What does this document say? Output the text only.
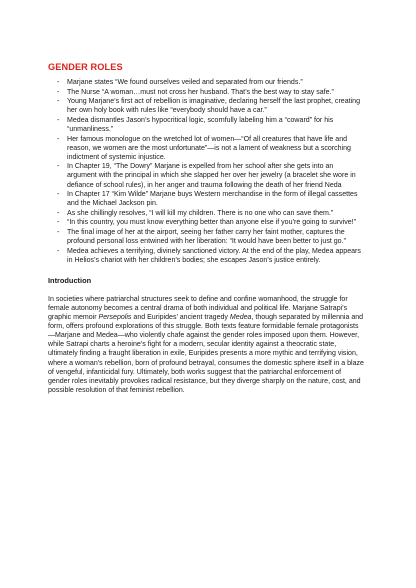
GENDER ROLES
- Marjane states “We found ourselves veiled and separated from our friends.”
- The Nurse “A woman…must not cross her husband. That’s the best way to stay safe.”
- Young Marjane’s first act of rebellion is imaginative, declaring herself the last prophet, creating her own holy book with rules like “everybody should have a car.”
- Medea dismantles Jason’s hypocritical logic, scornfully labeling him a “coward” for his “unmanliness.”
- Her famous monologue on the wretched lot of women—“Of all creatures that have life and reason, we women are the most unfortunate”—is not a lament of weakness but a scorching indictment of systemic injustice.
- In Chapter 19, “The Dowry” Marjane is expelled from her school after she gets into an argument with the principal in which she slapped her over her jewelry (a bracelet she wore in defiance of school rules), in her anger and trauma following the death of her friend Neda
- In Chapter 17 “Kim Wilde” Marjane buys Western merchandise in the form of illegal cassettes and the Michael Jackson pin.
- As she chillingly resolves, “I will kill my children. There is no one who can save them.”
- “In this country, you must know everything better than anyone else if you’re going to survive!”
- The final image of her at the airport, seeing her father carry her faint mother, captures the profound personal loss entwined with her liberation: “It would have been better to just go.”
- Medea achieves a terrifying, divinely sanctioned victory. At the end of the play, Medea appears in Helios’s chariot with her children’s bodies; she escapes Jason’s justice entirely.
Introduction

In societies where patriarchal structures seek to define and confine womanhood, the struggle for female autonomy becomes a central drama of both individual and political life. Marjane Satrapi’s graphic memoir Persepolis and Euripides’ ancient tragedy Medea, though separated by millennia and form, offers profound explorations of this struggle. Both texts feature formidable female protagonists—Marjane and Medea—who violently chafe against the gender roles imposed upon them. However, while Satrapi charts a heroine’s fight for a modern, secular identity against a theocratic state, ultimately finding a fraught liberation in exile, Euripides presents a more mythic and terrifying vision, where a woman’s rebellion, born of profound betrayal, consumes the domestic sphere itself in a blaze of vengeful, infanticidal fury. Ultimately, both works suggest that the patriarchal enforcement of gender roles inevitably provokes radical resistance, but they diverge sharply on the nature, cost, and possible resolution of that feminist rebellion.
